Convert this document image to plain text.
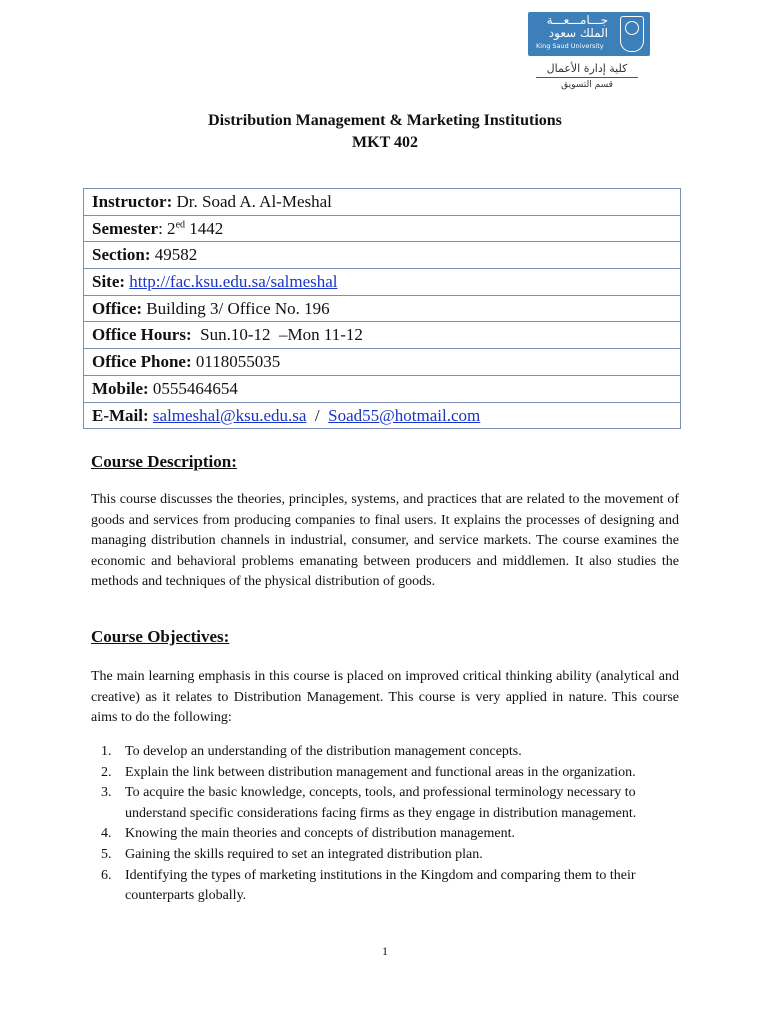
جـــامـــعـــة الملك سعود
King Saud University
كلية إدارة الأعمال
قسم التسويق
Distribution Management & Marketing Institutions
MKT 402
Instructor: Dr. Soad A. Al-Meshal
Semester: $2^{ed}$ 1442
Section: 49582
Site: http://fac.ksu.edu.sa/salmeshal
Office: Building 3/ Office No. 196
Office Hours:  Sun.10-12  –Mon 11-12
Office Phone: 0118055035
Mobile: 0555464654
E-Mail: salmeshal@ksu.edu.sa  /  Soad55@hotmail.com
Course Description:
This course discusses the theories, principles, systems, and practices that are related to the movement of goods and services from producing companies to final users. It explains the processes of designing and managing distribution channels in industrial, consumer, and service markets. The course examines the economic and behavioral problems emanating between producers and middlemen. It also studies the methods and techniques of the physical distribution of goods.
Course Objectives:
The main learning emphasis in this course is placed on improved critical thinking ability (analytical and creative) as it relates to Distribution Management. This course is very applied in nature. This course aims to do the following:
1. To develop an understanding of the distribution management concepts.
2. Explain the link between distribution management and functional areas in the organization.
3. To acquire the basic knowledge, concepts, tools, and professional terminology necessary to understand specific considerations facing firms as they engage in distribution management.
4. Knowing the main theories and concepts of distribution management.
5. Gaining the skills required to set an integrated distribution plan.
6. Identifying the types of marketing institutions in the Kingdom and comparing them to their counterparts globally.
1
